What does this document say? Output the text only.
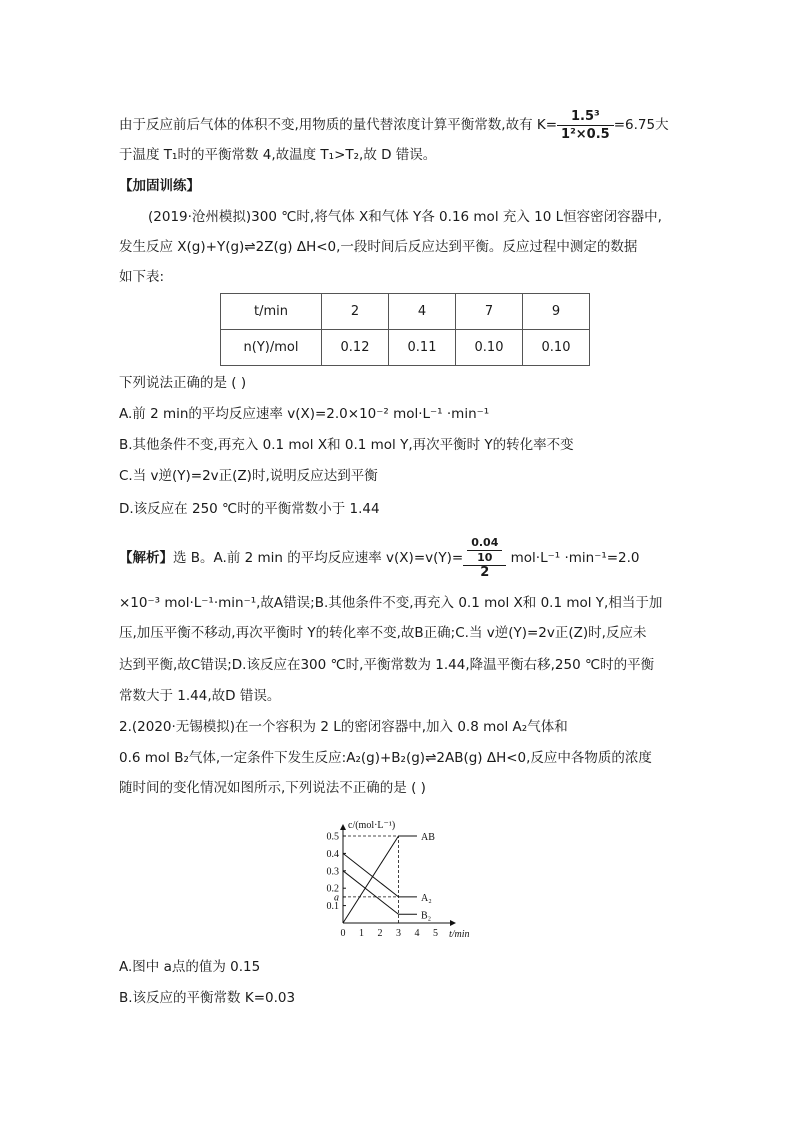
由于反应前后气体的体积不变,用物质的量代替浓度计算平衡常数,故有 $K= \frac{\text{1.5³}}{\text{1²×0.5}} =6.75$大
于温度 T₁时的平衡常数 4,故温度 T₁>T₂,故 D 错误。
【加固训练】
(2019·沧州模拟)300 ℃时,将气体 X和气体 Y各 0.16 mol 充入 10 L恒容密闭容器中,
发生反应 X(g)+Y(g)⇌2Z(g) ΔH<0,一段时间后反应达到平衡。反应过程中测定的数据
如下表:
t/min	2	4	7	9
n(Y)/mol	0.12	0.11	0.10	0.10
下列说法正确的是 ( )
A.前 2 min的平均反应速率 v(X)=2.0×10⁻² mol·L⁻¹ ·min⁻¹
B.其他条件不变,再充入 0.1 mol X和 0.1 mol Y,再次平衡时 Y的转化率不变
C.当 v逆(Y)=2v正(Z)时,说明反应达到平衡
D.该反应在 250 ℃时的平衡常数小于 1.44
【解析】选 B。A.前 2 min 的平均反应速率 $v(X)=v(Y)= \frac{\frac{0.04}{10}}{2} mol\cdot L^{-1} \cdot\min^{-1}=2.0$
×10⁻³ mol·L⁻¹·min⁻¹,故A错误;B.其他条件不变,再充入 0.1 mol X和 0.1 mol Y,相当于加
压,加压平衡不移动,再次平衡时 Y的转化率不变,故B正确;C.当 v逆(Y)=2v正(Z)时,反应未
达到平衡,故C错误;D.该反应在300 ℃时,平衡常数为 1.44,降温平衡右移,250 ℃时的平衡
常数大于 1.44,故D 错误。
2.(2020·无锡模拟)在一个容积为 2 L的密闭容器中,加入 0.8 mol A₂气体和
0.6 mol B₂气体,一定条件下发生反应:A₂(g)+B₂(g)⇌2AB(g) ΔH<0,反应中各物质的浓度
随时间的变化情况如图所示,下列说法不正确的是 ( )
c/(mol·L⁻¹)
t/min
0 1 2 3 4 5
0.5
0.4
0.3
0.2
a
0.1
AB
A₂
B₂
A.图中 a点的值为 0.15
B.该反应的平衡常数 K=0.03
